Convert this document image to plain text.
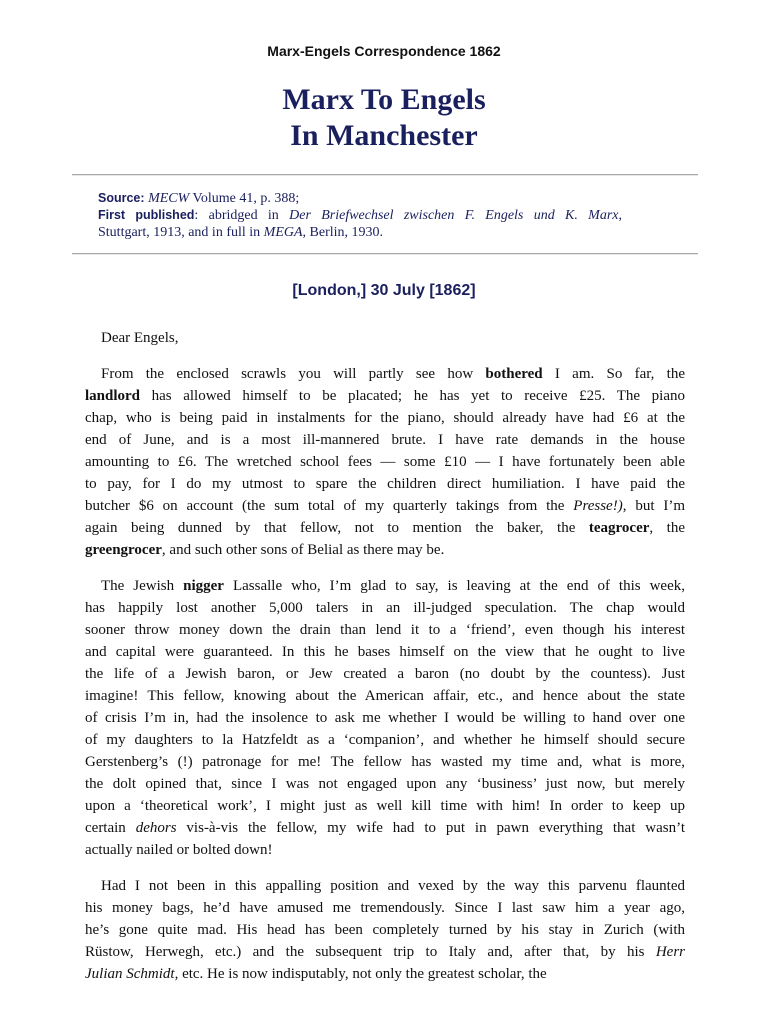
Marx-Engels Correspondence 1862
Marx To Engels
In Manchester
Source: MECW Volume 41, p. 388;
First published: abridged in Der Briefwechsel zwischen F. Engels und K. Marx,
Stuttgart, 1913, and in full in MEGA, Berlin, 1930.
[London,] 30 July [1862]

Dear Engels,

From the enclosed scrawls you will partly see how bothered I am. So far, the
landlord has allowed himself to be placated; he has yet to receive £25. The piano
chap, who is being paid in instalments for the piano, should already have had £6 at the
end of June, and is a most ill-mannered brute. I have rate demands in the house
amounting to £6. The wretched school fees — some £10 — I have fortunately been able
to pay, for I do my utmost to spare the children direct humiliation. I have paid the
butcher $6 on account (the sum total of my quarterly takings from the Presse!), but I’m
again being dunned by that fellow, not to mention the baker, the teagrocer, the
greengrocer, and such other sons of Belial as there may be.
The Jewish nigger Lassalle who, I’m glad to say, is leaving at the end of this week,
has happily lost another 5,000 talers in an ill-judged speculation. The chap would
sooner throw money down the drain than lend it to a ‘friend’, even though his interest
and capital were guaranteed. In this he bases himself on the view that he ought to live
the life of a Jewish baron, or Jew created a baron (no doubt by the countess). Just
imagine! This fellow, knowing about the American affair, etc., and hence about the state
of crisis I’m in, had the insolence to ask me whether I would be willing to hand over one
of my daughters to la Hatzfeldt as a ‘companion’, and whether he himself should secure
Gerstenberg’s (!) patronage for me! The fellow has wasted my time and, what is more,
the dolt opined that, since I was not engaged upon any ‘business’ just now, but merely
upon a ‘theoretical work’, I might just as well kill time with him! In order to keep up
certain dehors vis-à-vis the fellow, my wife had to put in pawn everything that wasn’t
actually nailed or bolted down!
Had I not been in this appalling position and vexed by the way this parvenu flaunted
his money bags, he’d have amused me tremendously. Since I last saw him a year ago,
he’s gone quite mad. His head has been completely turned by his stay in Zurich (with
Rüstow, Herwegh, etc.) and the subsequent trip to Italy and, after that, by his Herr
Julian Schmidt, etc. He is now indisputably, not only the greatest scholar, the
